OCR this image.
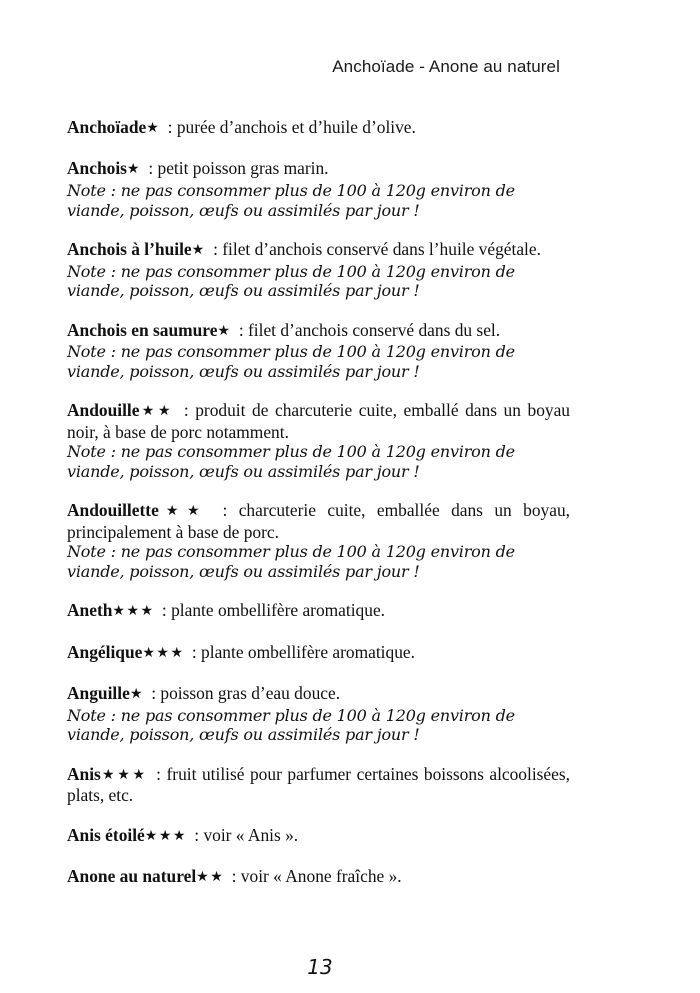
Anchoïade - Anone au naturel
Anchoïade★ : purée d’anchois et d’huile d’olive.
Anchois★ : petit poisson gras marin.
Note : ne pas consommer plus de 100 à 120g environ de viande, poisson, œufs ou assimilés par jour !
Anchois à l’huile★ : filet d’anchois conservé dans l’huile végétale.
Note : ne pas consommer plus de 100 à 120g environ de viande, poisson, œufs ou assimilés par jour !
Anchois en saumure★ : filet d’anchois conservé dans du sel.
Note : ne pas consommer plus de 100 à 120g environ de viande, poisson, œufs ou assimilés par jour !
Andouille★★ : produit de charcuterie cuite, emballé dans un boyau noir, à base de porc notamment.
Note : ne pas consommer plus de 100 à 120g environ de viande, poisson, œufs ou assimilés par jour !
Andouillette★★ : charcuterie cuite, emballée dans un boyau, principalement à base de porc.
Note : ne pas consommer plus de 100 à 120g environ de viande, poisson, œufs ou assimilés par jour !
Aneth★★★ : plante ombellifère aromatique.
Angélique★★★ : plante ombellifère aromatique.
Anguille★ : poisson gras d’eau douce.
Note : ne pas consommer plus de 100 à 120g environ de viande, poisson, œufs ou assimilés par jour !
Anis★★★ : fruit utilisé pour parfumer certaines boissons alcoolisées, plats, etc.
Anis étoilé★★★ : voir « Anis ».
Anone au naturel★★ : voir « Anone fraîche ».
13
